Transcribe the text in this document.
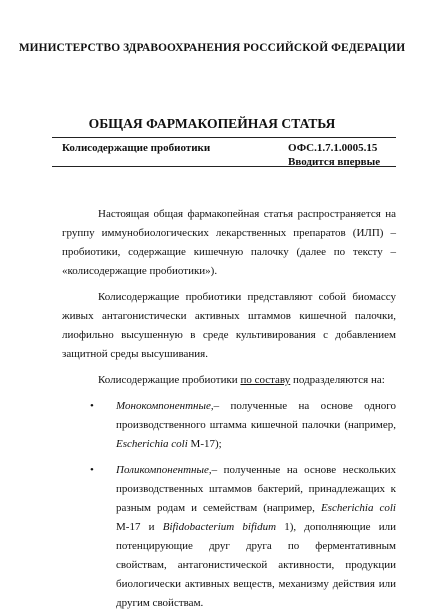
МИНИСТЕРСТВО ЗДРАВООХРАНЕНИЯ РОССИЙСКОЙ ФЕДЕРАЦИИ
ОБЩАЯ ФАРМАКОПЕЙНАЯ СТАТЬЯ
Колисодержащие пробиотики	ОФС.1.7.1.0005.15
Вводится впервые

Настоящая общая фармакопейная статья распространяется на группу иммунобиологических лекарственных препаратов (ИЛП) – пробиотики, содержащие кишечную палочку (далее по тексту – «колисодержащие пробиотики»).

Колисодержащие пробиотики представляют собой биомассу живых антагонистически активных штаммов кишечной палочки, лиофильно высушенную в среде культивирования с добавлением защитной среды высушивания.

Колисодержащие пробиотики по составу подразделяются на:

•	Монокомпонентные,– полученные на основе одного производственного штамма кишечной палочки (например, Escherichia coli М-17);
•	Поликомпонентные,– полученные на основе нескольких производственных штаммов бактерий, принадлежащих к разным родам и семействам (например, Escherichia coli М-17 и Bifidobacterium bifidum 1), дополняющие или потенцирующие друг друга по ферментативным свойствам, антагонистической активности, продукции биологически активных веществ, механизму действия или другим свойствам.
